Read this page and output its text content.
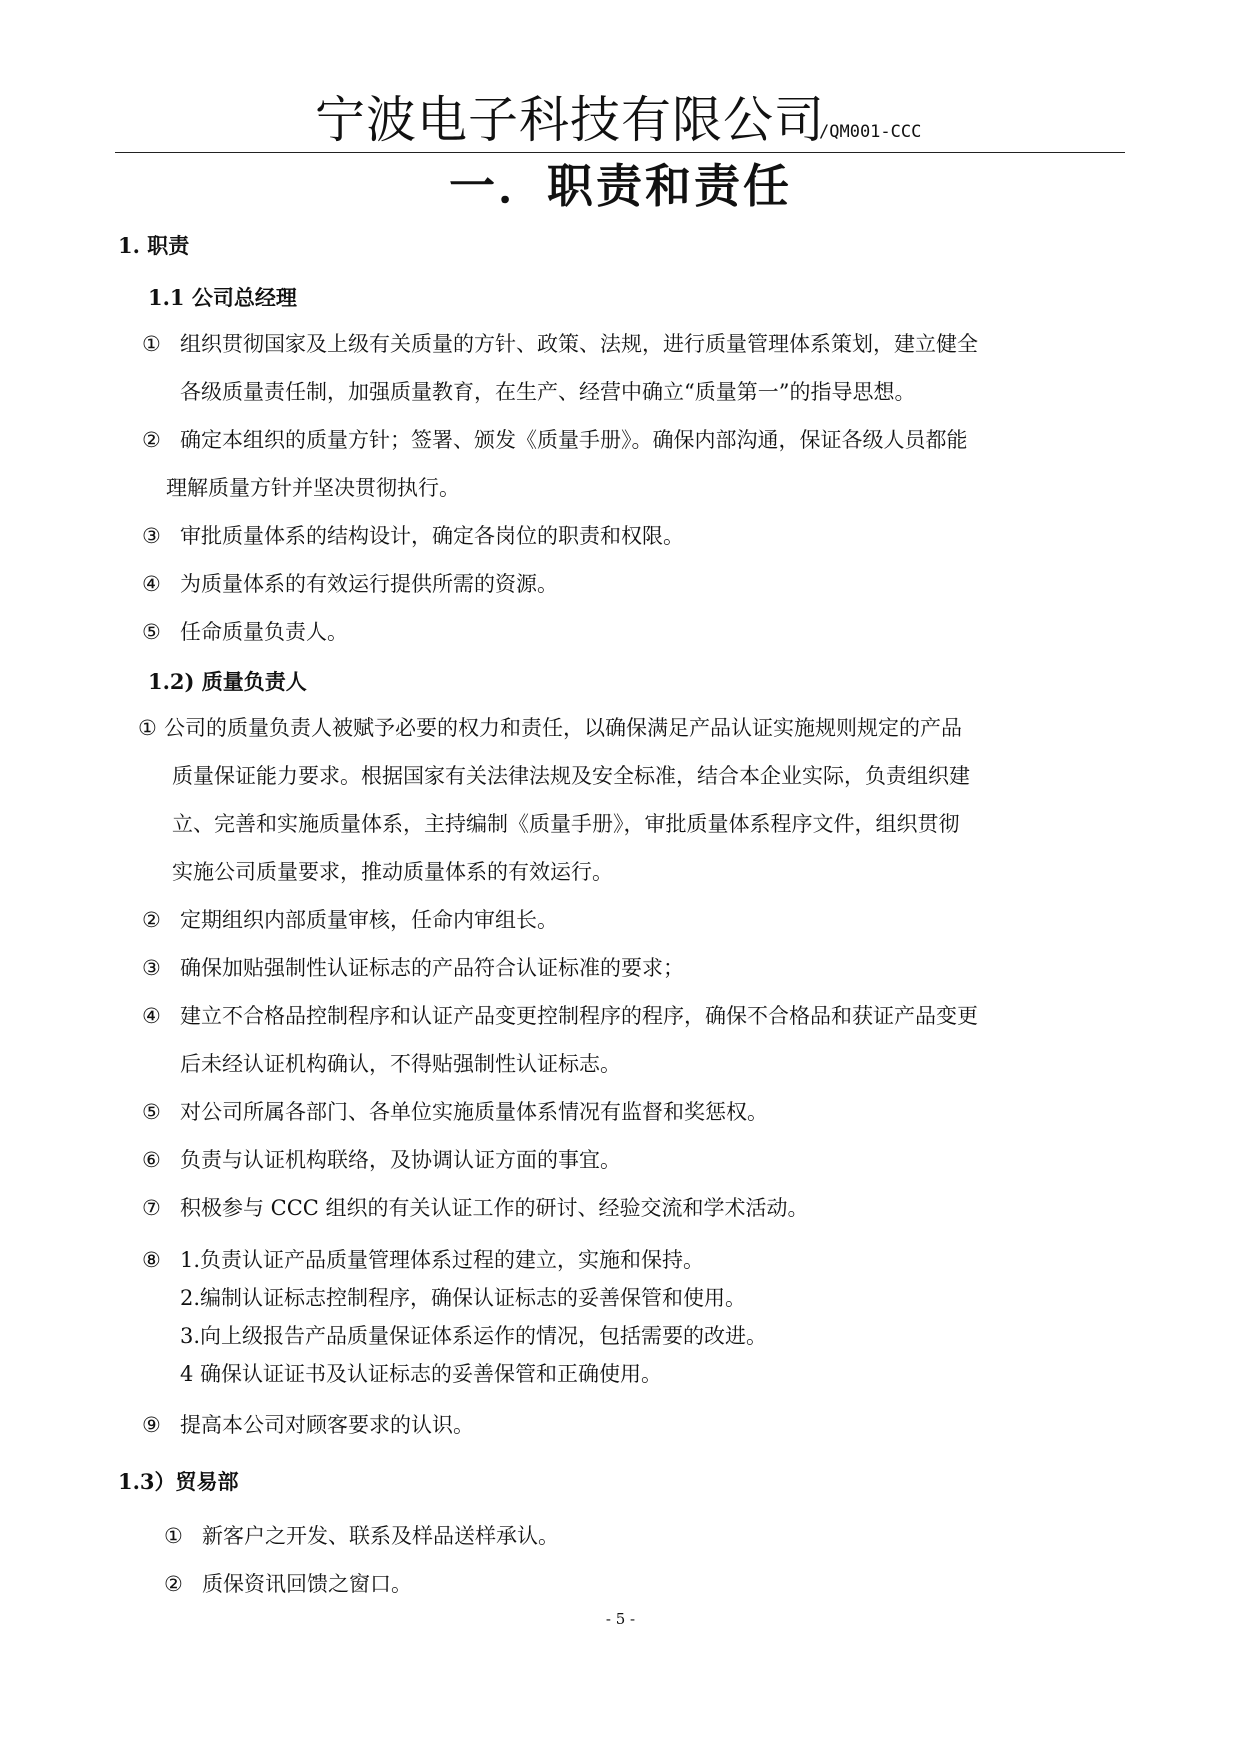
宁波电子科技有限公司
/QM001-CCC
一．职责和责任
1. 职责
1.1 公司总经理
① 组织贯彻国家及上级有关质量的方针、政策、法规，进行质量管理体系策划，建立健全
各级质量责任制，加强质量教育，在生产、经营中确立“质量第一”的指导思想。
② 确定本组织的质量方针；签署、颁发《质量手册》。确保内部沟通，保证各级人员都能
理解质量方针并坚决贯彻执行。
③ 审批质量体系的结构设计，确定各岗位的职责和权限。
④ 为质量体系的有效运行提供所需的资源。
⑤ 任命质量负责人。
1.2) 质量负责人
① 公司的质量负责人被赋予必要的权力和责任，以确保满足产品认证实施规则规定的产品
质量保证能力要求。根据国家有关法律法规及安全标准，结合本企业实际，负责组织建
立、完善和实施质量体系，主持编制《质量手册》，审批质量体系程序文件，组织贯彻
实施公司质量要求，推动质量体系的有效运行。
② 定期组织内部质量审核，任命内审组长。
③ 确保加贴强制性认证标志的产品符合认证标准的要求；
④ 建立不合格品控制程序和认证产品变更控制程序的程序，确保不合格品和获证产品变更
后未经认证机构确认，不得贴强制性认证标志。
⑤ 对公司所属各部门、各单位实施质量体系情况有监督和奖惩权。
⑥ 负责与认证机构联络，及协调认证方面的事宜。
⑦ 积极参与 CCC 组织的有关认证工作的研讨、经验交流和学术活动。
⑧ 1.负责认证产品质量管理体系过程的建立，实施和保持。
2.编制认证标志控制程序，确保认证标志的妥善保管和使用。
3.向上级报告产品质量保证体系运作的情况，包括需要的改进。
4 确保认证证书及认证标志的妥善保管和正确使用。
⑨ 提高本公司对顾客要求的认识。
1.3）贸易部
① 新客户之开发、联系及样品送样承认。
② 质保资讯回馈之窗口。
- 5 -
